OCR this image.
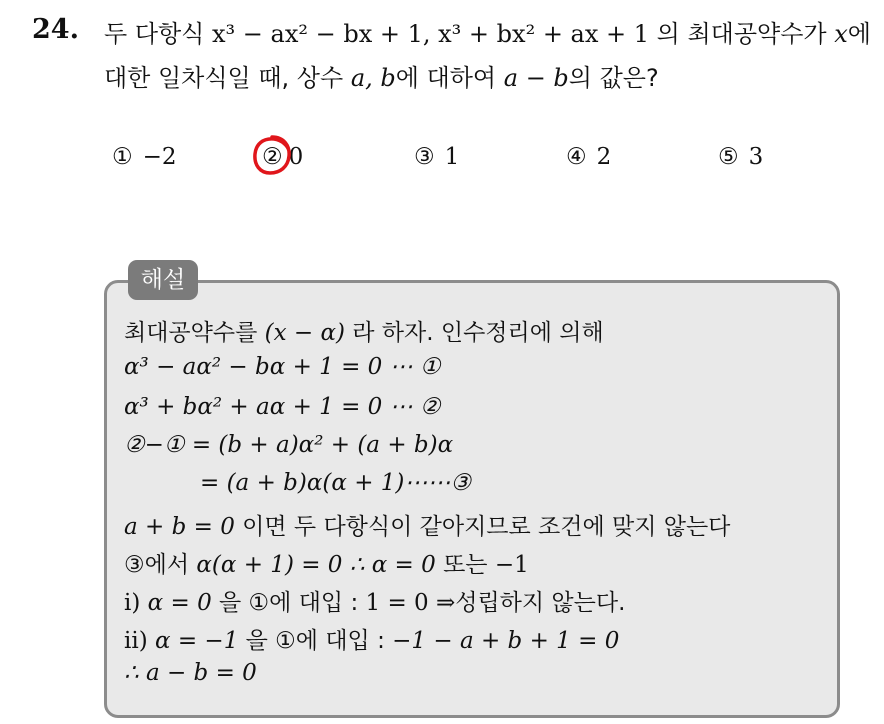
24. 두 다항식 x³ − ax² − bx + 1, x³ + bx² + ax + 1 의 최대공약수가 x에
대한 일차식일 때, 상수 a, b에 대하여 a − b의 값은?
① −2	② 0	③ 1	④ 2	⑤ 3
해설
최대공약수를 (x − α) 라 하자. 인수정리에 의해
α³ − aα² − bα + 1 = 0 ⋯ ①
α³ + bα² + aα + 1 = 0 ⋯ ②
②−① = (b + a)α² + (a + b)α
= (a + b)α(α + 1)⋯⋯③
a + b = 0 이면 두 다항식이 같아지므로 조건에 맞지 않는다
③에서 α(α + 1) = 0 ∴ α = 0 또는 −1
i) α = 0 을 ①에 대입 : 1 = 0 ⇒성립하지 않는다.
ii) α = −1 을 ①에 대입 : −1 − a + b + 1 = 0
∴ a − b = 0
